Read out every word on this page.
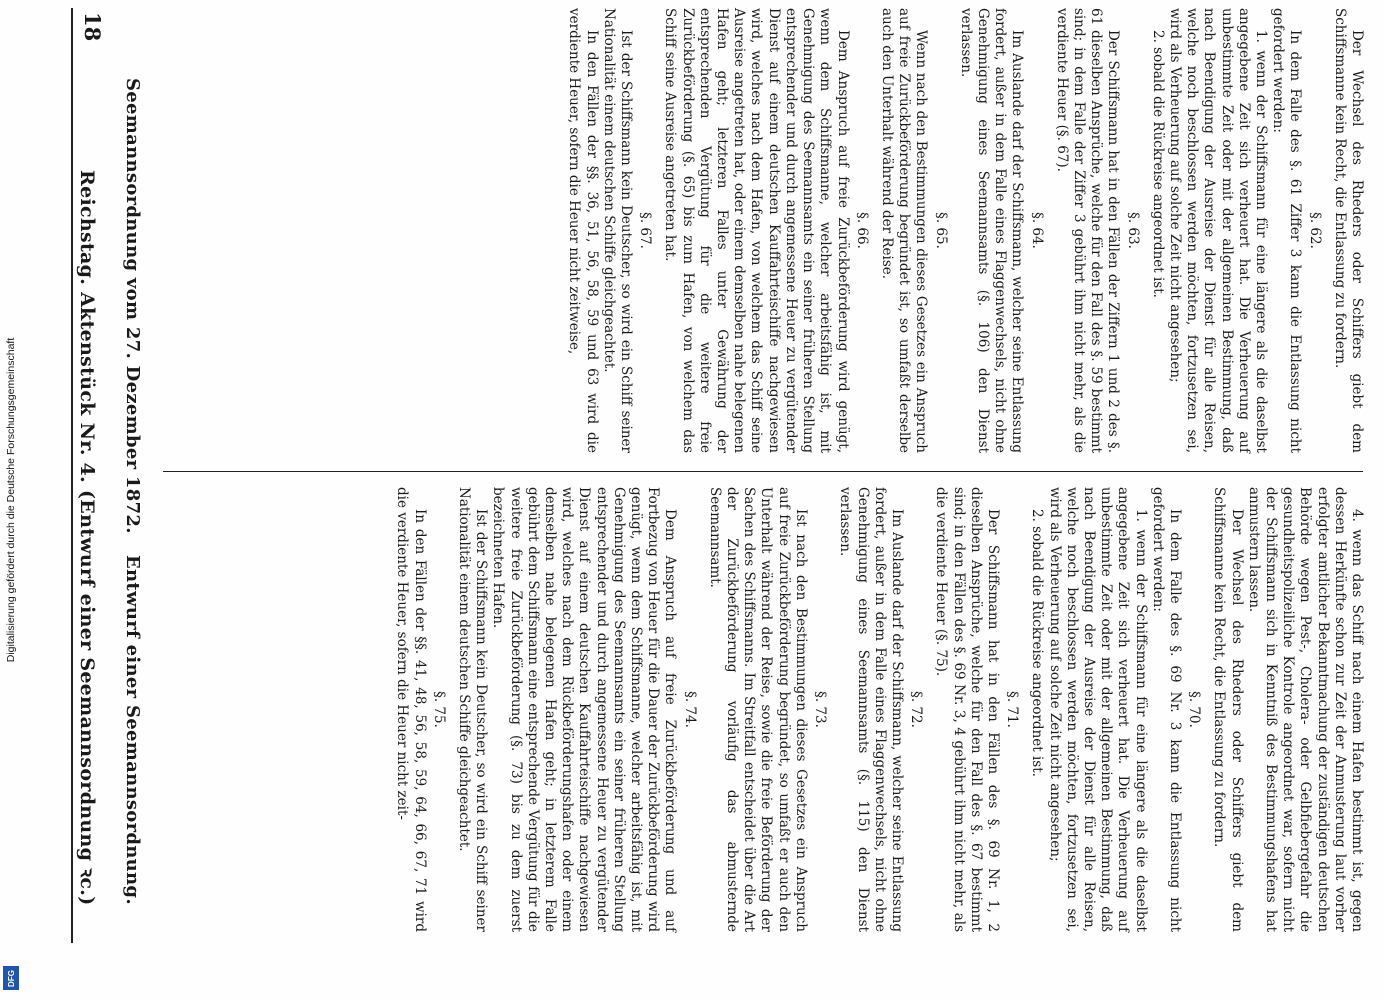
18
Reichstag. Aktenstück Nr. 4. (Entwurf einer Seemannsordnung ꝛc.) Seemannsordnung vom 27. Dezember 1872.
Entwurf einer Seemannsordnung.

Der Wechsel des Rheders oder Schiffers giebt dem Schiffsmanne kein Recht, die Entlassung zu fordern.

§. 62.

In dem Falle des §. 61 Ziffer 3 kann die Entlassung nicht gefordert werden:

1. wenn der Schiffsmann für eine längere als die daselbst angegebene Zeit sich verheuert hat. Die Verheuerung auf unbestimmte Zeit oder mit der allgemeinen Bestimmung, daß nach Beendigung der Ausreise der Dienst für alle Reisen, welche noch beschlossen werden möchten, fortzusetzen sei, wird als Verheuerung auf solche Zeit nicht angesehen;

2. sobald die Rückreise angeordnet ist.

§. 63.

Der Schiffsmann hat in den Fällen der Ziffern 1 und 2 des §. 61 dieselben Ansprüche, welche für den Fall des §. 59 bestimmt sind; in dem Falle der Ziffer 3 gebührt ihm nicht mehr, als die verdiente Heuer (§. 67).

§. 64.

Im Auslande darf der Schiffsmann, welcher seine Entlassung fordert, außer in dem Falle eines Flaggenwechsels, nicht ohne Genehmigung eines Seemannsamts (§. 106) den Dienst verlassen.

§. 65.

Wenn nach den Bestimmungen dieses Gesetzes ein Anspruch auf freie Zurückbeförderung begründet ist, so umfaßt derselbe auch den Unterhalt während der Reise.

§. 66.

Dem Anspruch auf freie Zurückbeförderung wird genügt, wenn dem Schiffsmanne, welcher arbeitsfähig ist, mit Genehmigung des Seemannsamts ein seiner früheren Stellung entsprechender und durch angemessene Heuer zu vergütender Dienst auf einem deutschen Kauffahrteischiffe nachgewiesen wird, welches nach dem Hafen, von welchem das Schiff seine Ausreise angetreten hat, oder einem demselben nahe belegenen Hafen geht; letzteren Falles unter Gewährung der entsprechenden Vergütung für die weitere freie Zurückbeförderung (§. 65) bis zum Hafen, von welchem das Schiff seine Ausreise angetreten hat.

§. 67.

Ist der Schiffsmann kein Deutscher, so wird ein Schiff seiner Nationalität einem deutschen Schiffe gleichgeachtet.

In den Fällen der §§. 36, 51, 56, 58, 59 und 63 wird die verdiente Heuer, sofern die Heuer nicht zeitweise,

4. wenn das Schiff nach einem Hafen bestimmt ist, gegen dessen Herkünfte schon zur Zeit der Anmusterung laut vorher erfolgter amtlicher Bekanntmachung der zuständigen deutschen Behörde wegen Pest-, Cholera- oder Gelbfiebergefahr die gesundheitspolizeiliche Kontrole angeordnet war, sofern nicht der Schiffsmann sich in Kenntniß des Bestimmungshafens hat anmustern lassen.

Der Wechsel des Rheders oder Schiffers giebt dem Schiffsmanne kein Recht, die Entlassung zu fordern.

§. 70.

In dem Falle des §. 69 Nr. 3 kann die Entlassung nicht gefordert werden:

1. wenn der Schiffsmann für eine längere als die daselbst angegebene Zeit sich verheuert hat. Die Verheuerung auf unbestimmte Zeit oder mit der allgemeinen Bestimmung, daß nach Beendigung der Ausreise der Dienst für alle Reisen, welche noch beschlossen werden möchten, fortzusetzen sei, wird als Verheuerung auf solche Zeit nicht angesehen;

2. sobald die Rückreise angeordnet ist.

§. 71.

Der Schiffsmann hat in den Fällen des §. 69 Nr. 1, 2 dieselben Ansprüche, welche für den Fall des §. 67 bestimmt sind; in den Fällen des §. 69 Nr. 3, 4 gebührt ihm nicht mehr, als die verdiente Heuer (§. 75).

§. 72.

Im Auslande darf der Schiffsmann, welcher seine Entlassung fordert, außer in dem Falle eines Flaggenwechsels, nicht ohne Genehmigung eines Seemannsamts (§. 115) den Dienst verlassen.

§. 73.

Ist nach den Bestimmungen dieses Gesetzes ein Anspruch auf freie Zurückbeförderung begründet, so umfaßt er auch den Unterhalt während der Reise, sowie die freie Beförderung der Sachen des Schiffsmanns. Im Streitfall entscheidet über die Art der Zurückbeförderung vorläufig das abmusternde Seemannsamt.

§. 74.

Dem Anspruch auf freie Zurückbeförderung und auf Fortbezug von Heuer für die Dauer der Zurückbeförderung wird genügt, wenn dem Schiffsmanne, welcher arbeitsfähig ist, mit Genehmigung des Seemannsamts ein seiner früheren Stellung entsprechender und durch angemessene Heuer zu vergütender Dienst auf einem deutschen Kauffahrteischiffe nachgewiesen wird, welches nach dem Rückbeförderungshafen oder einem demselben nahe belegenen Hafen geht; in letzterem Falle gebührt dem Schiffsmann eine entsprechende Vergütung für die weitere freie Zurückbeförderung (§. 73) bis zu dem zuerst bezeichneten Hafen.

Ist der Schiffsmann kein Deutscher, so wird ein Schiff seiner Nationalität einem deutschen Schiffe gleichgeachtet.

§. 75.

In den Fällen der §§. 41, 48, 56, 58, 59, 64, 66, 67, 71 wird die verdiente Heuer, sofern die Heuer nicht zeit-

Digitalisierung gefördert durch die Deutsche Forschungsgemeinschaft
DFG
